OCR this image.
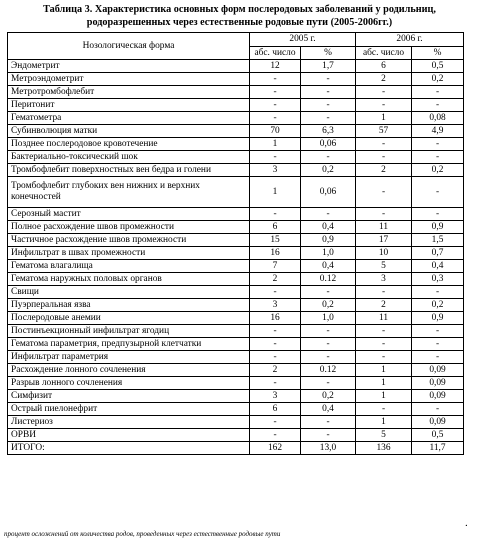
Таблица 3. Характеристика основных форм послеродовых заболеваний у родильниц,
родоразрешенных через естественные родовые пути (2005-2006гг.)
Нозологическая форма	2005 г.		2006 г.	
	абс. число	%	абс. число	%
Эндометрит	12	1,7	6	0,5
Метроэндометрит	-	-	2	0,2
Метротромбофлебит	-	-	-	-
Перитонит	-	-	-	-
Гематометра	-	-	1	0,08
Субинволюция матки	70	6,3	57	4,9
Позднее послеродовое кровотечение	1	0,06	-	-
Бактериально-токсический шок	-	-	-	-
Тромбофлебит поверхностных вен бедра и голени	3	0,2	2	0,2
Тромбофлебит глубоких вен нижних и верхних конечностей	1	0,06	-	-
Серозный мастит	-	-	-	-
Полное расхождение швов промежности	6	0,4	11	0,9
Частичное расхождение швов промежности	15	0,9	17	1,5
Инфильтрат в швах промежности	16	1,0	10	0,7
Гематома влагалища	7	0,4	5	0,4
Гематома наружных половых органов	2	0.12	3	0,3
Свищи	-	-	-	-
Пуэрперальная язва	3	0,2	2	0,2
Послеродовые анемии	16	1,0	11	0,9
Постинъекционный инфильтрат ягодиц	-	-	-	-
Гематома параметрия, предпузырной клетчатки	-	-	-	-
Инфильтрат параметрия	-	-	-	-
Расхождение лонного сочленения	2	0.12	1	0,09
Разрыв лонного сочленения	-	-	1	0,09
Симфизит	3	0,2	1	0,09
Острый пиелонефрит	6	0,4	-	-
Листериоз	-	-	1	0,09
ОРВИ	-	-	5	0,5
ИТОГО:	162	13,0	136	11,7
.
процент осложнений от количества родов, проведенных через естественные родовые пути
